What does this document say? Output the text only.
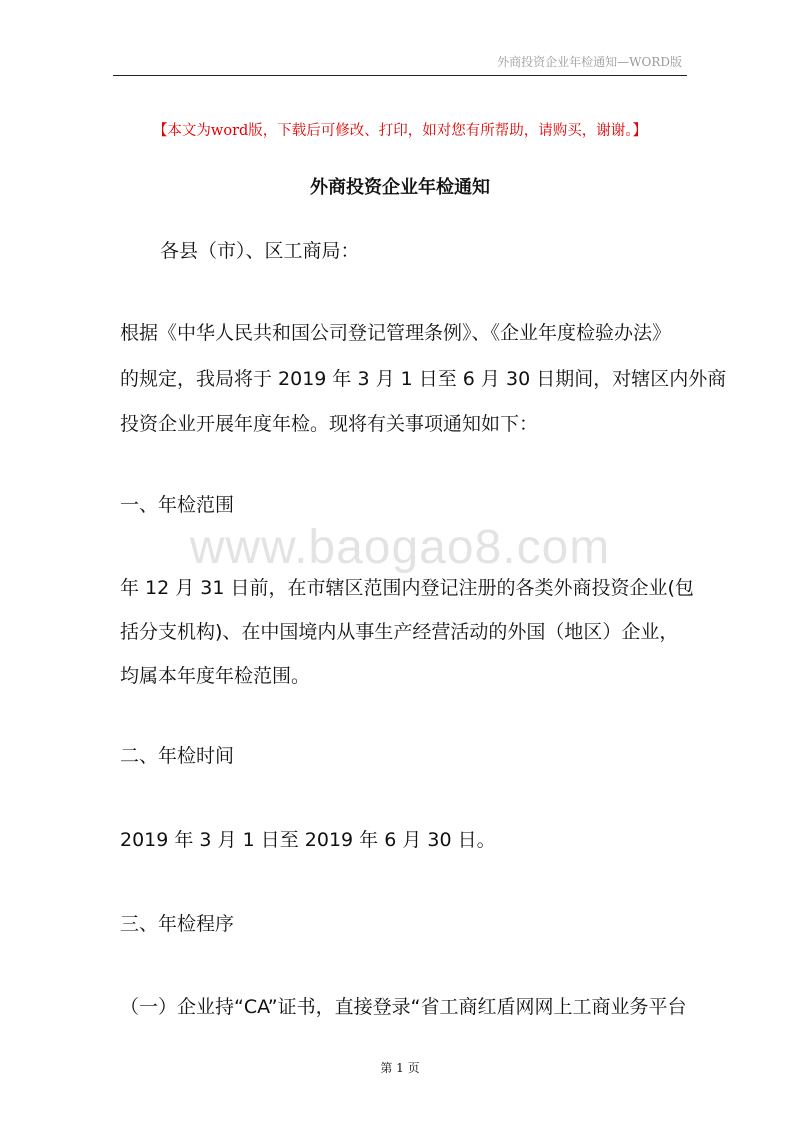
外商投资企业年检通知—WORD版
【本文为word版，下载后可修改、打印，如对您有所帮助，请购买，谢谢。】
外商投资企业年检通知
各县（市）、区工商局：
根据《中华人民共和国公司登记管理条例》、《企业年度检验办法》
的规定，我局将于 2019 年 3 月 1 日至 6 月 30 日期间，对辖区内外商
投资企业开展年度年检。现将有关事项通知如下：
一、年检范围
www.baogao8.com
年 12 月 31 日前，在市辖区范围内登记注册的各类外商投资企业(包
括分支机构)、在中国境内从事生产经营活动的外国（地区）企业，
均属本年度年检范围。
二、年检时间
2019 年 3 月 1 日至 2019 年 6 月 30 日。
三、年检程序
（一）企业持“CA”证书，直接登录“省工商红盾网网上工商业务平台
第 1 页
